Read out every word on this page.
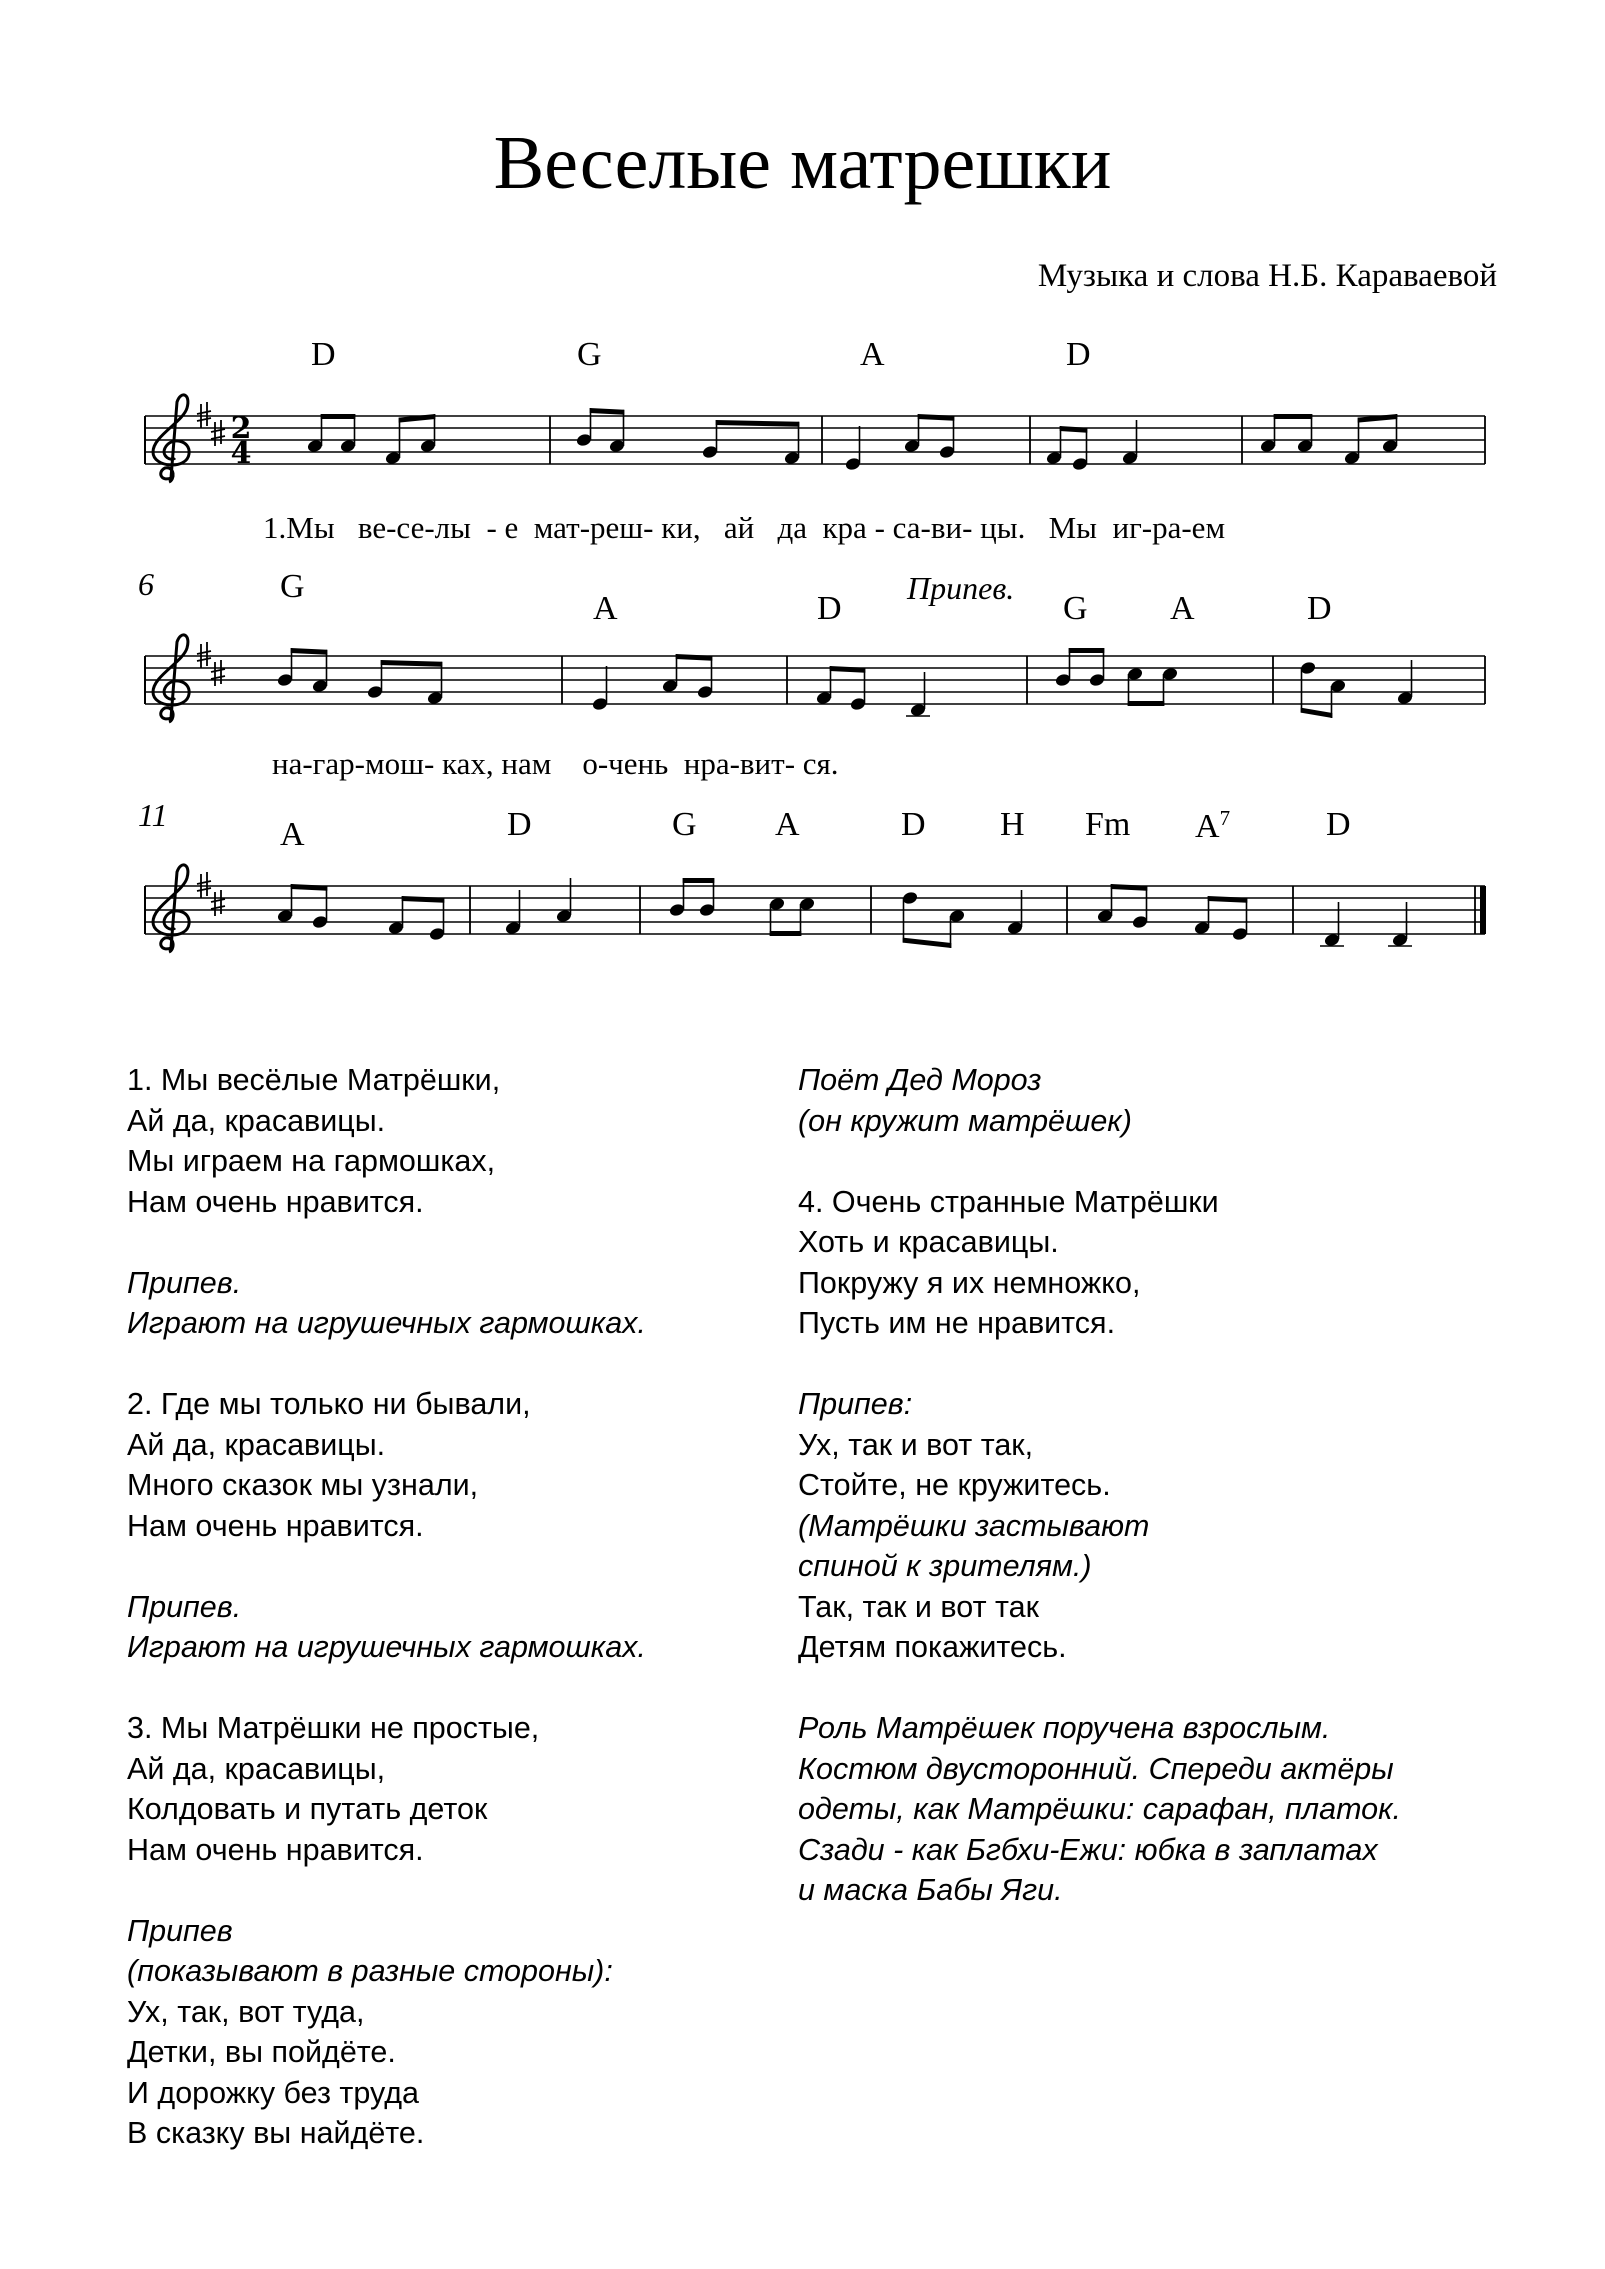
Веселые матрешки
Музыка и слова Н.Б. Караваевой
D	G	A	D
2
4
1.Мы   ве-се-лы  - е  мат-реш- ки,   ай   да  кра - са-ви- цы.   Мы  иг-ра-ем
6	G
A	D
Припев.
G A	D
на-гар-мош- ках, нам    о-чень  нра-вит- ся.
11
A	D	G A	D H Fm $A^7$	D
1. Мы весёлые Матрёшки,
Ай да, красавицы.
Мы играем на гармошках,
Нам очень нравится.
Припев.
Играют на игрушечных гармошках.
2. Где мы только ни бывали,
Ай да, красавицы.
Много сказок мы узнали,
Нам очень нравится.
Припев.
Играют на игрушечных гармошках.
3. Мы Матрёшки не простые,
Ай да, красавицы,
Колдовать и путать деток
Нам очень нравится.
Припев
(показывают в разные стороны):
Ух, так, вот туда,
Детки, вы пойдёте.
И дорожку без труда
В сказку вы найдёте.
Поёт Дед Мороз
(он кружит матрёшек)
4. Очень странные Матрёшки
Хоть и красавицы.
Покружу я их немножко,
Пусть им не нравится.
Припев:
Ух, так и вот так,
Стойте, не кружитесь.
(Матрёшки застывают
спиной к зрителям.)
Так, так и вот так
Детям покажитесь.
Роль Матрёшек поручена взрослым.
Костюм двусторонний. Спереди актёры
одеты, как Матрёшки: сарафан, платок.
Сзади - как Бгбхи-Ежи: юбка в заплатах
и маска Бабы Яги.
